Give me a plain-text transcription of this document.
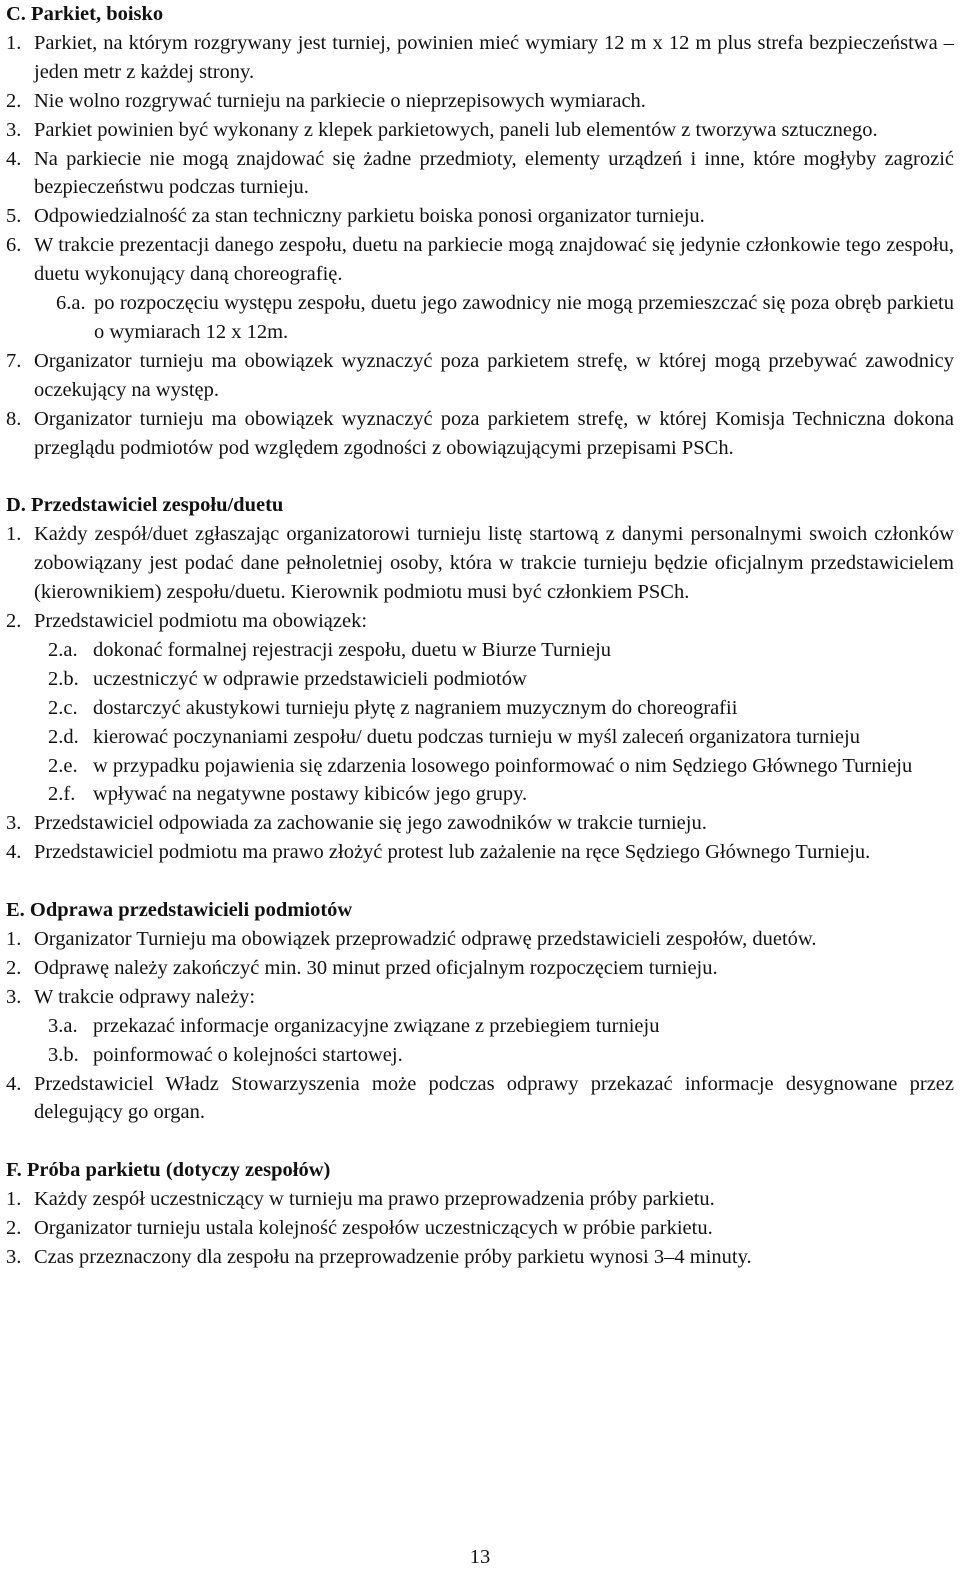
C. Parkiet, boisko
1. Parkiet, na którym rozgrywany jest turniej, powinien mieć wymiary 12 m x 12 m plus strefa bezpieczeństwa – jeden metr z każdej strony.
2. Nie wolno rozgrywać turnieju na parkiecie o nieprzepisowych wymiarach.
3. Parkiet powinien być wykonany z klepek parkietowych, paneli lub elementów z tworzywa sztucznego.
4. Na parkiecie nie mogą znajdować się żadne przedmioty, elementy urządzeń i inne, które mogłyby zagrozić bezpieczeństwu podczas turnieju.
5. Odpowiedzialność za stan techniczny parkietu boiska ponosi organizator turnieju.
6. W trakcie prezentacji danego zespołu, duetu na parkiecie mogą znajdować się jedynie członkowie tego zespołu, duetu wykonujący daną choreografię.
6.a. po rozpoczęciu występu zespołu, duetu jego zawodnicy nie mogą przemieszczać się poza obręb parkietu o wymiarach 12 x 12m.
7. Organizator turnieju ma obowiązek wyznaczyć poza parkietem strefę, w której mogą przebywać zawodnicy oczekujący na występ.
8. Organizator turnieju ma obowiązek wyznaczyć poza parkietem strefę, w której Komisja Techniczna dokona przeglądu podmiotów pod względem zgodności z obowiązującymi przepisami PSCh.
D. Przedstawiciel zespołu/duetu
1. Każdy zespół/duet zgłaszając organizatorowi turnieju listę startową z danymi personalnymi swoich członków zobowiązany jest podać dane pełnoletniej osoby, która w trakcie turnieju będzie oficjalnym przedstawicielem (kierownikiem) zespołu/duetu. Kierownik podmiotu musi być członkiem PSCh.
2. Przedstawiciel podmiotu ma obowiązek:
2.a. dokonać formalnej rejestracji zespołu, duetu w Biurze Turnieju
2.b. uczestniczyć w odprawie przedstawicieli podmiotów
2.c. dostarczyć akustykowi turnieju płytę z nagraniem muzycznym do choreografii
2.d. kierować poczynaniami zespołu/ duetu podczas turnieju w myśl zaleceń organizatora turnieju
2.e. w przypadku pojawienia się zdarzenia losowego poinformować o nim Sędziego Głównego Turnieju
2.f. wpływać na negatywne postawy kibiców jego grupy.
3. Przedstawiciel odpowiada za zachowanie się jego zawodników w trakcie turnieju.
4. Przedstawiciel podmiotu ma prawo złożyć protest lub zażalenie na ręce Sędziego Głównego Turnieju.
E. Odprawa przedstawicieli podmiotów
1. Organizator Turnieju ma obowiązek przeprowadzić odprawę przedstawicieli zespołów, duetów.
2. Odprawę należy zakończyć min. 30 minut przed oficjalnym rozpoczęciem turnieju.
3. W trakcie odprawy należy:
3.a. przekazać informacje organizacyjne związane z przebiegiem turnieju
3.b. poinformować o kolejności startowej.
4. Przedstawiciel Władz Stowarzyszenia może podczas odprawy przekazać informacje desygnowane przez delegujący go organ.
F. Próba parkietu (dotyczy zespołów)
1. Każdy zespół uczestniczący w turnieju ma prawo przeprowadzenia próby parkietu.
2. Organizator turnieju ustala kolejność zespołów uczestniczących w próbie parkietu.
3. Czas przeznaczony dla zespołu na przeprowadzenie próby parkietu wynosi 3–4 minuty.
13
